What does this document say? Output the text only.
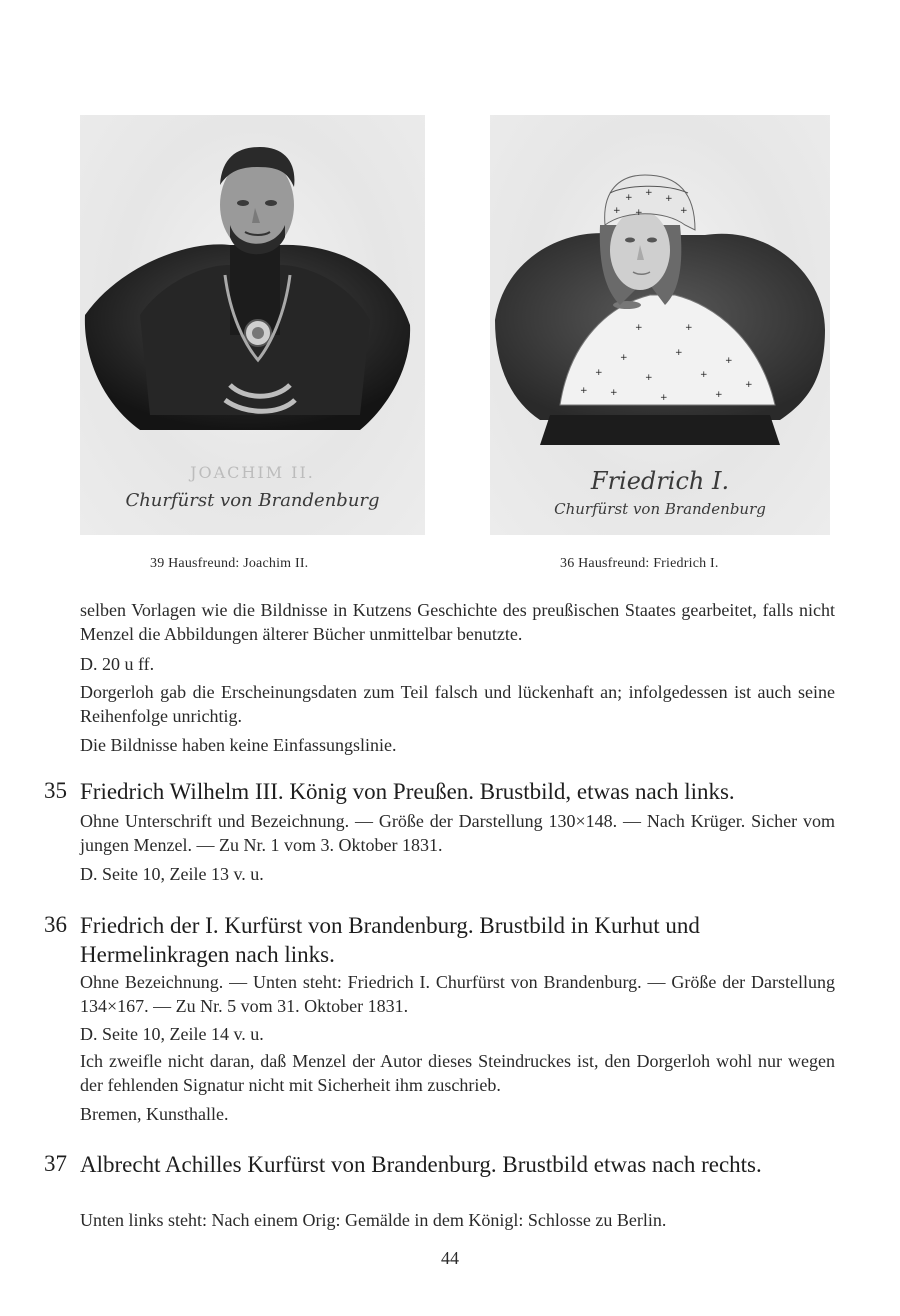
JOACHIM II.
Churfürst von Brandenburg
39 Hausfreund: Joachim II.
+
+
+
+
+
+
+	+	+
+
+
+
+
+ +
+
+	+
+
Friedrich I.
Churfürst von Brandenburg
36 Hausfreund: Friedrich I.

selben Vorlagen wie die Bildnisse in Kutzens Geschichte des preußischen Staates gearbeitet, falls nicht Menzel die Abbildungen älterer Bücher unmittelbar benutzte.

D. 20 u ff.

Dorgerloh gab die Erscheinungsdaten zum Teil falsch und lückenhaft an; infolgedessen ist auch seine Reihenfolge unrichtig.

Die Bildnisse haben keine Einfassungslinie.

35 Friedrich Wilhelm III. König von Preußen. Brustbild, etwas nach links.

Ohne Unterschrift und Bezeichnung. — Größe der Darstellung 130×148. — Nach Krüger. Sicher vom jungen Menzel. — Zu Nr. 1 vom 3. Oktober 1831.

D. Seite 10, Zeile 13 v. u.

36 Friedrich der I. Kurfürst von Brandenburg. Brustbild in Kurhut und Hermelinkragen nach links.

Ohne Bezeichnung. — Unten steht: Friedrich I. Churfürst von Brandenburg. — Größe der Darstellung 134×167. — Zu Nr. 5 vom 31. Oktober 1831.

D. Seite 10, Zeile 14 v. u.

Ich zweifle nicht daran, daß Menzel der Autor dieses Steindruckes ist, den Dorgerloh wohl nur wegen der fehlenden Signatur nicht mit Sicherheit ihm zuschrieb.

Bremen, Kunsthalle.

37 Albrecht Achilles Kurfürst von Brandenburg. Brustbild etwas nach rechts.

Unten links steht: Nach einem Orig: Gemälde in dem Königl: Schlosse zu Berlin.

44
